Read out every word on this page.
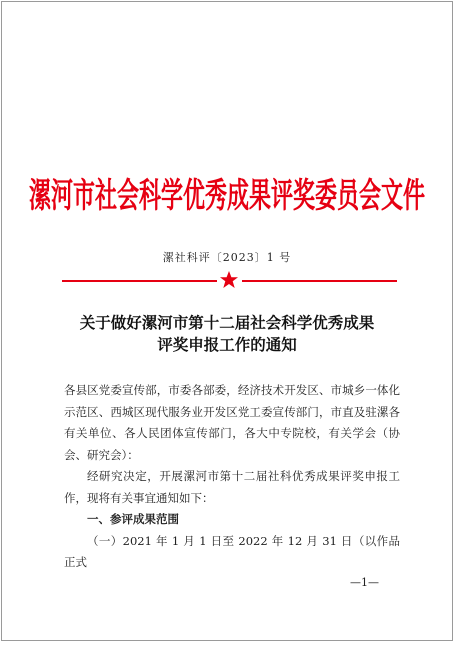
漯河市社会科学优秀成果评奖委员会文件
漯社科评〔2023〕1 号
关于做好漯河市第十二届社会科学优秀成果
评奖申报工作的通知

各县区党委宣传部，市委各部委，经济技术开发区、市城乡一体化示范区、西城区现代服务业开发区党工委宣传部门，市直及驻漯各有关单位、各人民团体宣传部门，各大中专院校，有关学会（协会、研究会）：

经研究决定，开展漯河市第十二届社科优秀成果评奖申报工作，现将有关事宜通知如下：

一、参评成果范围

（一）2021 年 1 月 1 日至 2022 年 12 月 31 日（以作品正式

—1—
